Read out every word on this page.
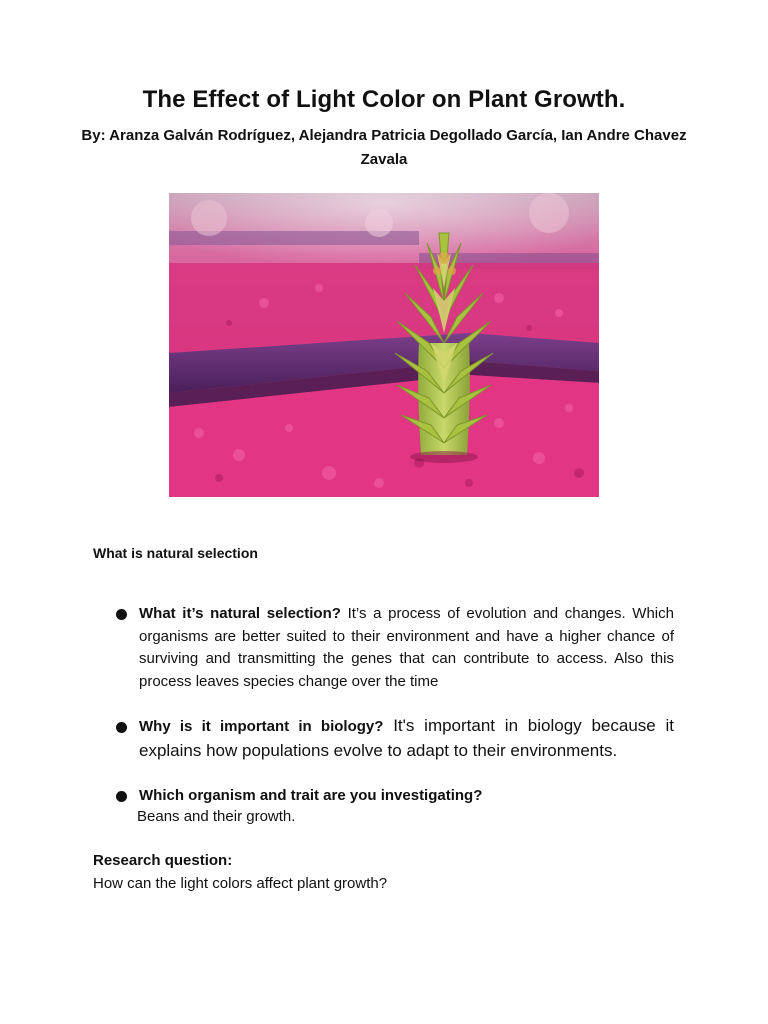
The Effect of Light Color on Plant Growth.

By: Aranza Galván Rodríguez, Alejandra Patricia Degollado García, Ian Andre Chavez Zavala

What is natural selection

What it’s natural selection? It’s a process of evolution and changes. Which organisms are better suited to their environment and have a higher chance of surviving and transmitting the genes that can contribute to access. Also this process leaves species change over the time

Why is it important in biology? It's important in biology because it explains how populations evolve to adapt to their environments.

Which organism and trait are you investigating?

Beans and their growth.

Research question:

How can the light colors affect plant growth?
